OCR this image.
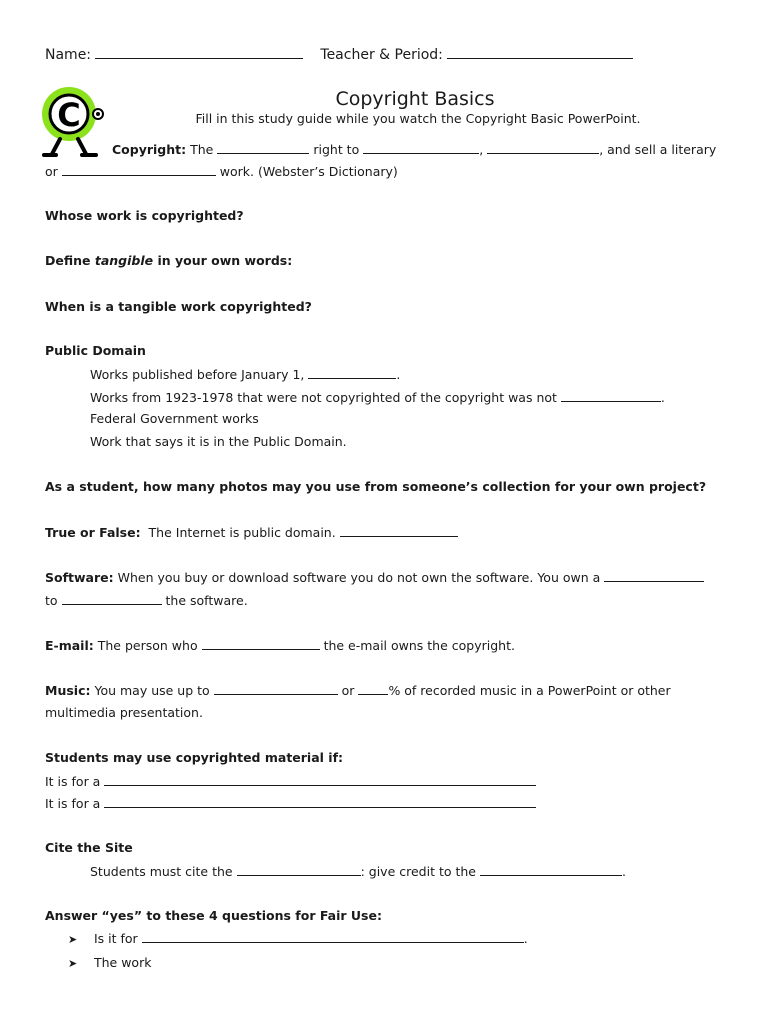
Name:	Teacher & Period:
C	Copyright Basics
Fill in this study guide while you watch the Copyright Basic PowerPoint.
Copyright: The	right to	,	, and sell a literary
or	work. (Webster’s Dictionary)
Whose work is copyrighted?
Define tangible in your own words:
When is a tangible work copyrighted?
Public Domain
Works published before January 1,	.
Works from 1923-1978 that were not copyrighted of the copyright was not	.
Federal Government works
Work that says it is in the Public Domain.
As a student, how many photos may you use from someone’s collection for your own project?
True or False: The Internet is public domain.
Software: When you buy or download software you do not own the software. You own a
to	the software.
E-mail: The person who	the e-mail owns the copyright.
Music: You may use up to	or	% of recorded music in a PowerPoint or other
multimedia presentation.
Students may use copyrighted material if:
It is for a
It is for a
Cite the Site
Students must cite the	: give credit to the	.
Answer “yes” to these 4 questions for Fair Use:
➤ Is it for	.
➤ The work
